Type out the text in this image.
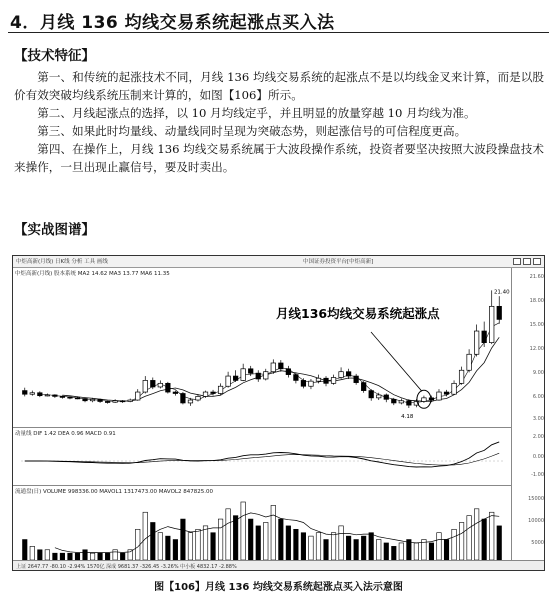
4．月线 136 均线交易系统起涨点买入法
【技术特征】

第一、和传统的起涨技术不同，月线 136 均线交易系统的起涨点不是以均线金叉来计算，而是以股价有效突破均线系统压制来计算的，如图【106】所示。

第二、月线起涨点的选择，以 10 月均线定乎，并且明显的放量穿越 10 月均线为准。

第三、如果此时均量线、动量线同时呈现为突破态势，则起涨信号的可信程度更高。

第四、在操作上，月线 136 均线交易系统属于大波段操作系统，投资者要坚决按照大波段操盘技术来操作，一旦出现止赢信号，要及时卖出。

【实战图谱】
中炬高新(月线) 日K线 分析 工具 画线	中国证券投资平台[中炬高新]
中炬高新(月线) 股本系统 MA2 14.62 MA3 13.77 MA6 11.35
动量线 DIF 1.42 DEA 0.96 MACD 0.91
流通盘(日) VOLUME 998336.00 MAVOL1 1317473.00 MAVOL2 847825.00
21.60
18.00
15.00
12.00
9.00
6.00
3.00
2.00
0.00
-1.00
15000
10000
5000
21.40
4.18
月线136均线交易系统起涨点
上证 2647.77 -80.10 -2.94% 1570亿 深成 9681.37 -326.45 -3.26% 中小板 4832.17 -2.88%
图【106】月线 136 均线交易系统起涨点买入法示意图
